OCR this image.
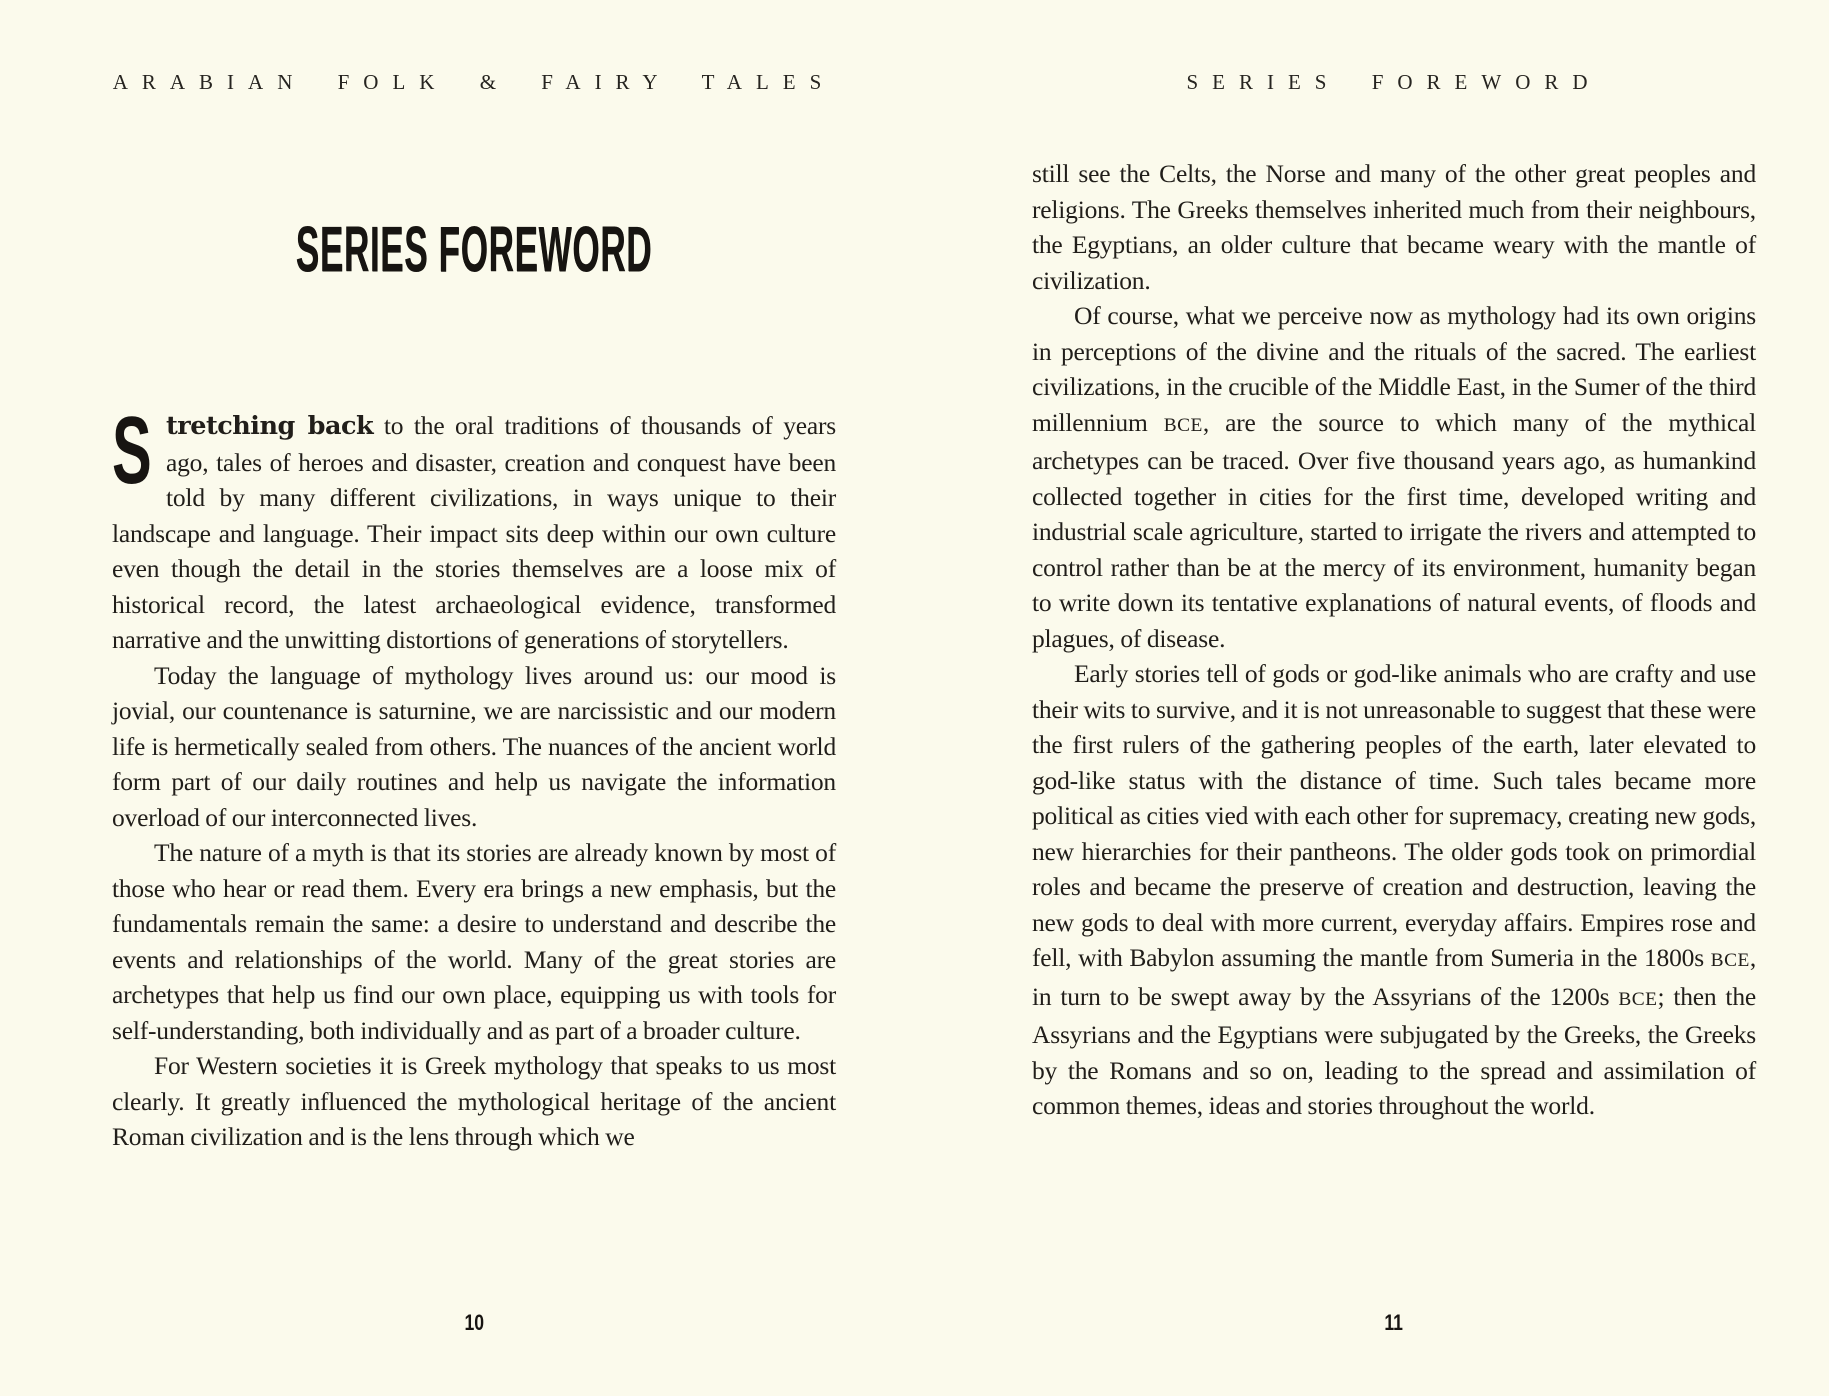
ARABIAN FOLK & FAIRY TALES
SERIES FOREWORD

Stretching back to the oral traditions of thousands of years ago, tales of heroes and disaster, creation and conquest have been told by many different civilizations, in ways unique to their landscape and language. Their impact sits deep within our own culture even though the detail in the stories themselves are a loose mix of historical record, the latest archaeological evidence, transformed narrative and the unwitting distortions of generations of storytellers.

Today the language of mythology lives around us: our mood is jovial, our countenance is saturnine, we are narcissistic and our modern life is hermetically sealed from others. The nuances of the ancient world form part of our daily routines and help us navigate the information overload of our interconnected lives.

The nature of a myth is that its stories are already known by most of those who hear or read them. Every era brings a new emphasis, but the fundamentals remain the same: a desire to understand and describe the events and relationships of the world. Many of the great stories are archetypes that help us find our own place, equipping us with tools for self-understanding, both individually and as part of a broader culture.

For Western societies it is Greek mythology that speaks to us most clearly. It greatly influenced the mythological heritage of the ancient Roman civilization and is the lens through which we

10
SERIES FOREWORD

still see the Celts, the Norse and many of the other great peoples and religions. The Greeks themselves inherited much from their neighbours, the Egyptians, an older culture that became weary with the mantle of civilization.

Of course, what we perceive now as mythology had its own origins in perceptions of the divine and the rituals of the sacred. The earliest civilizations, in the crucible of the Middle East, in the Sumer of the third millennium BCE, are the source to which many of the mythical archetypes can be traced. Over five thousand years ago, as humankind collected together in cities for the first time, developed writing and industrial scale agriculture, started to irrigate the rivers and attempted to control rather than be at the mercy of its environment, humanity began to write down its tentative explanations of natural events, of floods and plagues, of disease.

Early stories tell of gods or god-like animals who are crafty and use their wits to survive, and it is not unreasonable to suggest that these were the first rulers of the gathering peoples of the earth, later elevated to god-like status with the distance of time. Such tales became more political as cities vied with each other for supremacy, creating new gods, new hierarchies for their pantheons. The older gods took on primordial roles and became the preserve of creation and destruction, leaving the new gods to deal with more current, everyday affairs. Empires rose and fell, with Babylon assuming the mantle from Sumeria in the 1800s BCE, in turn to be swept away by the Assyrians of the 1200s BCE; then the Assyrians and the Egyptians were subjugated by the Greeks, the Greeks by the Romans and so on, leading to the spread and assimilation of common themes, ideas and stories throughout the world.

11
